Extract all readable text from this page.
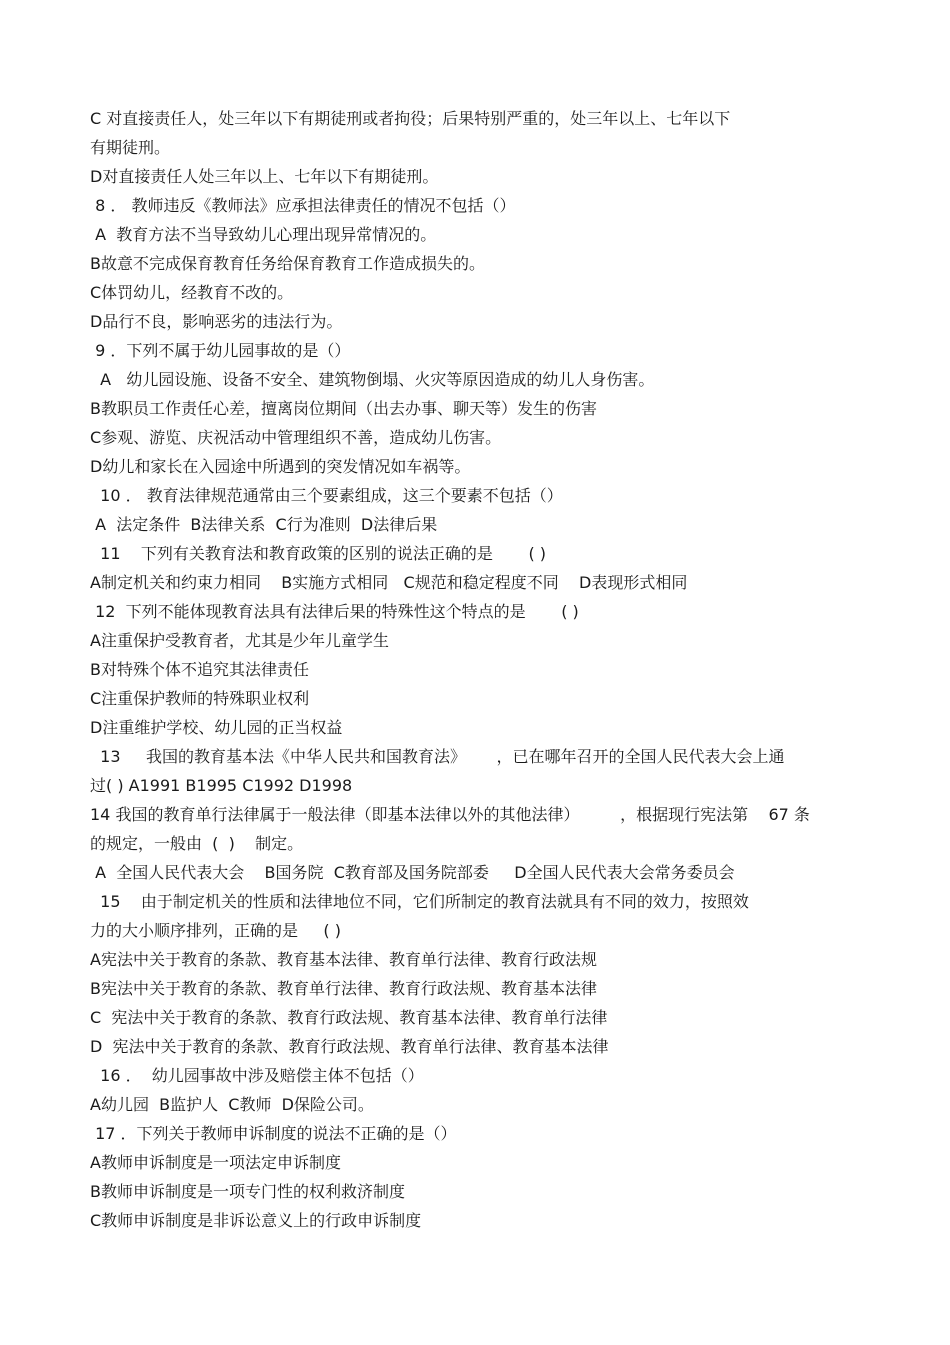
C 对直接责任人，处三年以下有期徒刑或者拘役；后果特别严重的，处三年以上、七年以下
有期徒刑。
D对直接责任人处三年以上、七年以下有期徒刑。
8 ． 教师违反《教师法》应承担法律责任的情况不包括（）
A  教育方法不当导致幼儿心理出现异常情况的。
B故意不完成保育教育任务给保育教育工作造成损失的。
C体罚幼儿，经教育不改的。
D品行不良，影响恶劣的违法行为。
9 ．下列不属于幼儿园事故的是（）
A   幼儿园设施、设备不安全、建筑物倒塌、火灾等原因造成的幼儿人身伤害。
B教职员工作责任心差，擅离岗位期间（出去办事、聊天等）发生的伤害
C参观、游览、庆祝活动中管理组织不善，造成幼儿伤害。
D幼儿和家长在入园途中所遇到的突发情况如车祸等。
10 ． 教育法律规范通常由三个要素组成，这三个要素不包括（）
A  法定条件  B法律关系  C行为准则  D法律后果
11    下列有关教育法和教育政策的区别的说法正确的是       ( )
A制定机关和约束力相同    B实施方式相同   C规范和稳定程度不同    D表现形式相同
12  下列不能体现教育法具有法律后果的特殊性这个特点的是       ( )
A注重保护受教育者，尤其是少年儿童学生
B对特殊个体不追究其法律责任
C注重保护教师的特殊职业权利
D注重维护学校、幼儿园的正当权益
13     我国的教育基本法《中华人民共和国教育法》      ，已在哪年召开的全国人民代表大会上通
过( ) A1991 B1995 C1992 D1998
14 我国的教育单行法律属于一般法律（即基本法律以外的其他法律）        ，根据现行宪法第    67 条
的规定，一般由  (  )    制定。
A  全国人民代表大会    B国务院  C教育部及国务院部委     D全国人民代表大会常务委员会
15    由于制定机关的性质和法律地位不同，它们所制定的教育法就具有不同的效力，按照效
力的大小顺序排列，正确的是     ( )
A宪法中关于教育的条款、教育基本法律、教育单行法律、教育行政法规
B宪法中关于教育的条款、教育单行法律、教育行政法规、教育基本法律
C  宪法中关于教育的条款、教育行政法规、教育基本法律、教育单行法律
D  宪法中关于教育的条款、教育行政法规、教育单行法律、教育基本法律
16 ．  幼儿园事故中涉及赔偿主体不包括（）
A幼儿园  B监护人  C教师  D保险公司。
17 ．下列关于教师申诉制度的说法不正确的是（）
A教师申诉制度是一项法定申诉制度
B教师申诉制度是一项专门性的权利救济制度
C教师申诉制度是非诉讼意义上的行政申诉制度
